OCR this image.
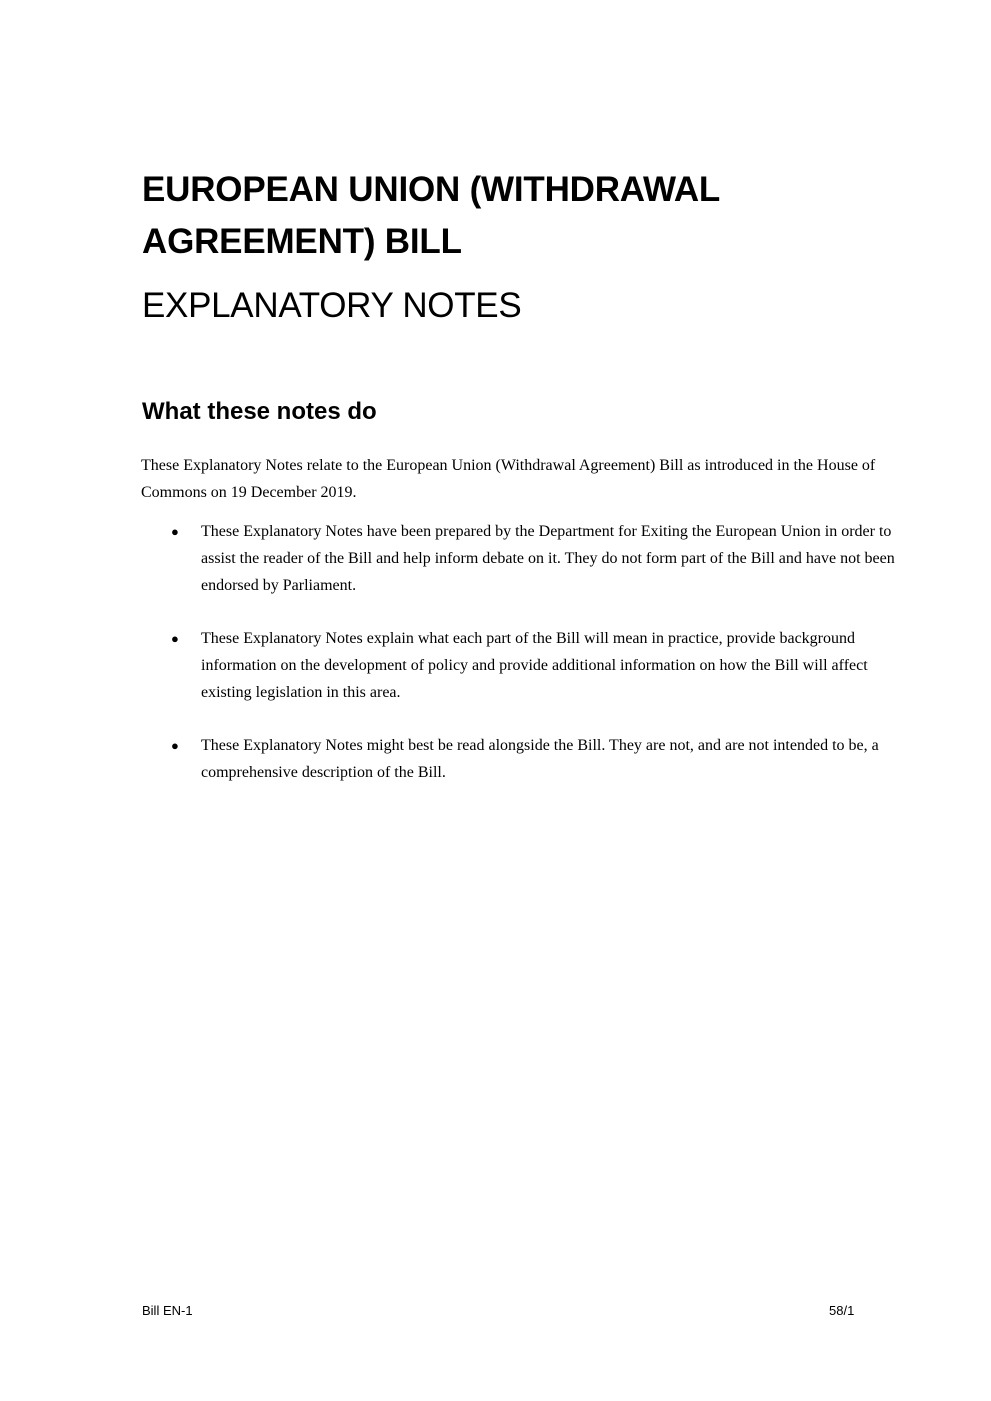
EUROPEAN UNION (WITHDRAWAL AGREEMENT) BILL
EXPLANATORY NOTES
What these notes do

These Explanatory Notes relate to the European Union (Withdrawal Agreement) Bill as introduced in the House of Commons on 19 December 2019.

● These Explanatory Notes have been prepared by the Department for Exiting the European Union in order to assist the reader of the Bill and help inform debate on it. They do not form part of the Bill and have not been endorsed by Parliament.
● These Explanatory Notes explain what each part of the Bill will mean in practice, provide background information on the development of policy and provide additional information on how the Bill will affect existing legislation in this area.
● These Explanatory Notes might best be read alongside the Bill. They are not, and are not intended to be, a comprehensive description of the Bill.
Bill EN-1	58/1
